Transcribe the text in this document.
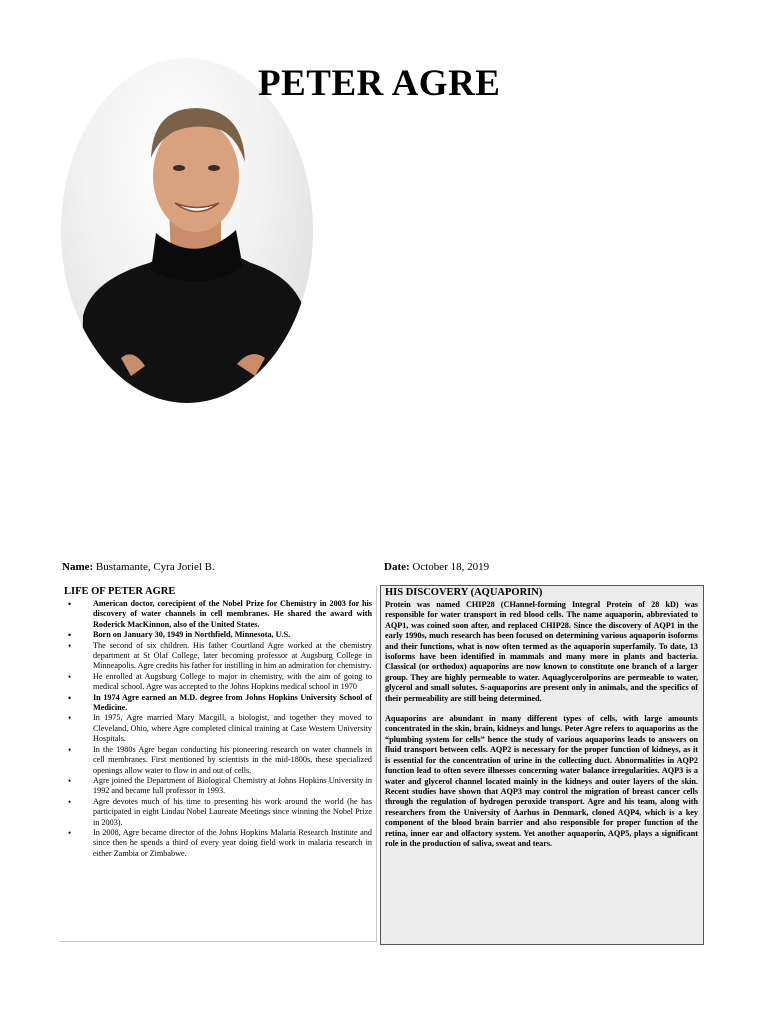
PETER AGRE
Name: Bustamante, Cyra Joriel B.	Date: October 18, 2019
LIFE OF PETER AGRE
• American doctor, corecipient of the Nobel Prize for Chemistry in 2003 for his discovery of water channels in cell membranes. He shared the award with Roderick MacKinnon, also of the United States.
• Born on January 30, 1949 in Northfield, Minnesota, U.S.
• The second of six children. His father Courtland Agre worked at the chemistry department at St Olaf College, later becoming professor at Augsburg College in Minneapolis. Agre credits his father for instilling in him an admiration for chemistry.
• He enrolled at Augsburg College to major in chemistry, with the aim of going to medical school. Agre was accepted to the Johns Hopkins medical school in 1970
• In 1974 Agre earned an M.D. degree from Johns Hopkins University School of Medicine.
• In 1975, Agre married Mary Macgill, a biologist, and together they moved to Cleveland, Ohio, where Agre completed clinical training at Case Western University Hospitals.
• In the 1980s Agre began conducting his pioneering research on water channels in cell membranes. First mentioned by scientists in the mid-1800s, these specialized openings allow water to flow in and out of cells.
• Agre joined the Department of Biological Chemistry at Johns Hopkins University in 1992 and became full professor in 1993.
• Agre devotes much of his time to presenting his work around the world (he has participated in eight Lindau Nobel Laureate Meetings since winning the Nobel Prize in 2003).
• In 2008, Agre became director of the Johns Hopkins Malaria Research Institute and since then he spends a third of every year doing field work in malaria research in either Zambia or Zimbabwe.
HIS DISCOVERY (AQUAPORIN)

Protein was named CHIP28 (CHannel-forming Integral Protein of 28 kD) was responsible for water transport in red blood cells. The name aquaporin, abbreviated to AQP1, was coined soon after, and replaced CHIP28. Since the discovery of AQP1 in the early 1990s, much research has been focused on determining various aquaporin isoforms and their functions, what is now often termed as the aquaporin superfamily. To date, 13 isoforms have been identified in mammals and many more in plants and bacteria. Classical (or orthodox) aquaporins are now known to constitute one branch of a larger group. They are highly permeable to water. Aquaglycerolporins are permeable to water, glycerol and small solutes. S-aquaporins are present only in animals, and the specifics of their permeability are still being determined.

Aquaporins are abundant in many different types of cells, with large amounts concentrated in the skin, brain, kidneys and lungs. Peter Agre refers to aquaporins as the “plumbing system for cells” hence the study of various aquaporins leads to answers on fluid transport between cells. AQP2 is necessary for the proper function of kidneys, as it is essential for the concentration of urine in the collecting duct. Abnormalities in AQP2 function lead to often severe illnesses concerning water balance irregularities. AQP3 is a water and glycerol channel located mainly in the kidneys and outer layers of the skin. Recent studies have shown that AQP3 may control the migration of breast cancer cells through the regulation of hydrogen peroxide transport. Agre and his team, along with researchers from the University of Aarhus in Denmark, cloned AQP4, which is a key component of the blood brain barrier and also responsible for proper function of the retina, inner ear and olfactory system. Yet another aquaporin, AQP5, plays a significant role in the production of saliva, sweat and tears.
